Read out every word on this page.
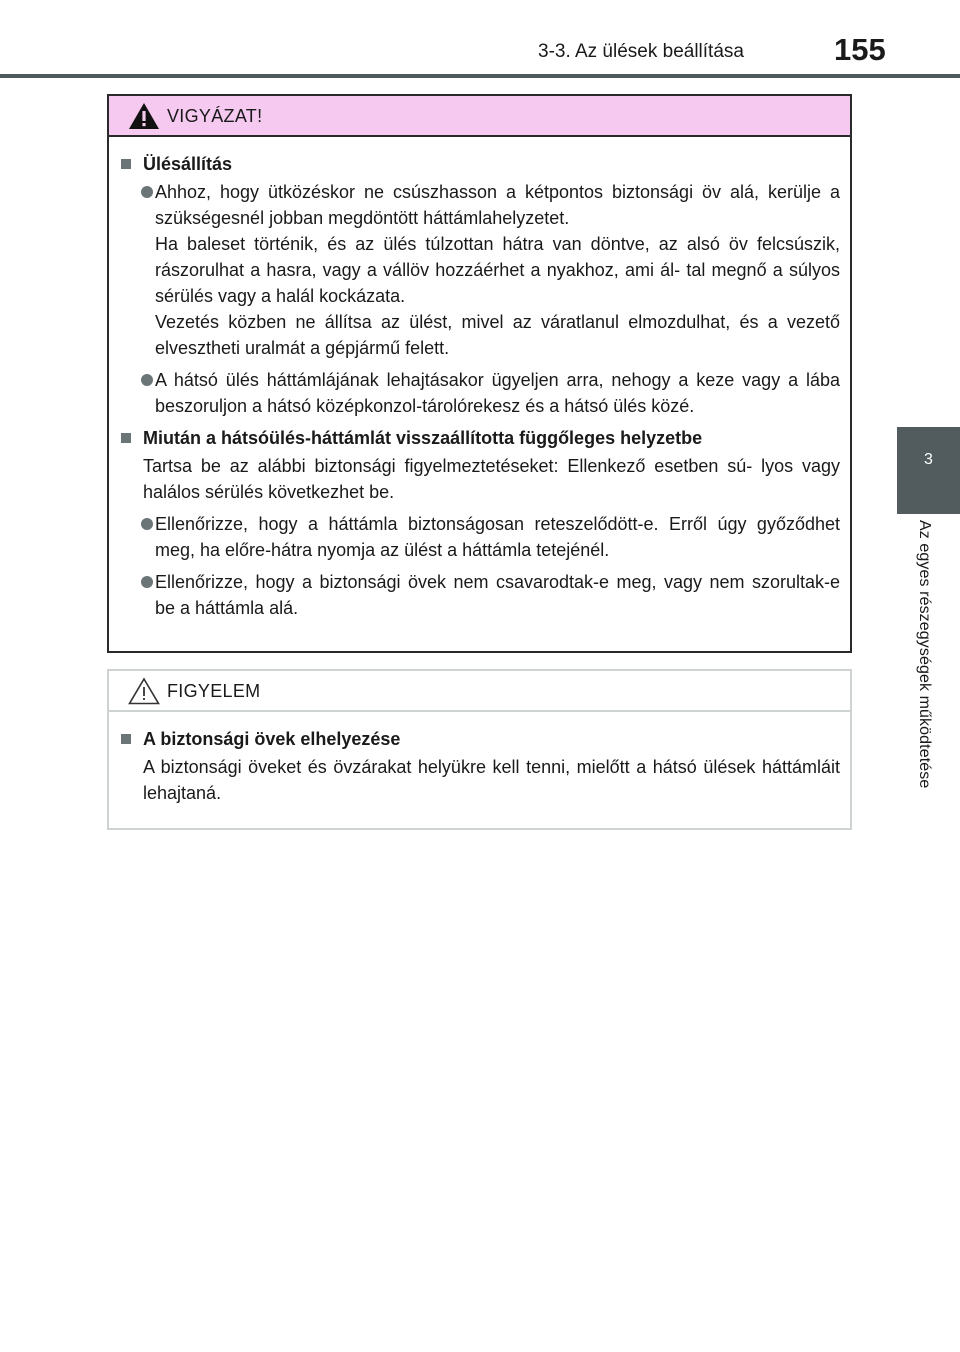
3-3. Az ülések beállítása	155
3
Az egyes részegységek működtetése
VIGYÁZAT!
Ülésállítás

Ahhoz, hogy ütközéskor ne csúszhasson a kétpontos biztonsági öv alá, kerülje a szükségesnél jobban megdöntött háttámlahelyzetet.

Ha baleset történik, és az ülés túlzottan hátra van döntve, az alsó öv felcsúszik, rászorulhat a hasra, vagy a vállöv hozzáérhet a nyakhoz, ami ál- tal megnő a súlyos sérülés vagy a halál kockázata.

Vezetés közben ne állítsa az ülést, mivel az váratlanul elmozdulhat, és a vezető elvesztheti uralmát a gépjármű felett.

A hátsó ülés háttámlájának lehajtásakor ügyeljen arra, nehogy a keze vagy a lába beszoruljon a hátsó középkonzol-tárolórekesz és a hátsó ülés közé.

Miután a hátsóülés-háttámlát visszaállította függőleges helyzetbe

Tartsa be az alábbi biztonsági figyelmeztetéseket: Ellenkező esetben sú- lyos vagy halálos sérülés következhet be.

Ellenőrizze, hogy a háttámla biztonságosan reteszelődött-e. Erről úgy győződhet meg, ha előre-hátra nyomja az ülést a háttámla tetejénél.

Ellenőrizze, hogy a biztonsági övek nem csavarodtak-e meg, vagy nem szorultak-e be a háttámla alá.

FIGYELEM
A biztonsági övek elhelyezése

A biztonsági öveket és övzárakat helyükre kell tenni, mielőtt a hátsó ülések háttámláit lehajtaná.
